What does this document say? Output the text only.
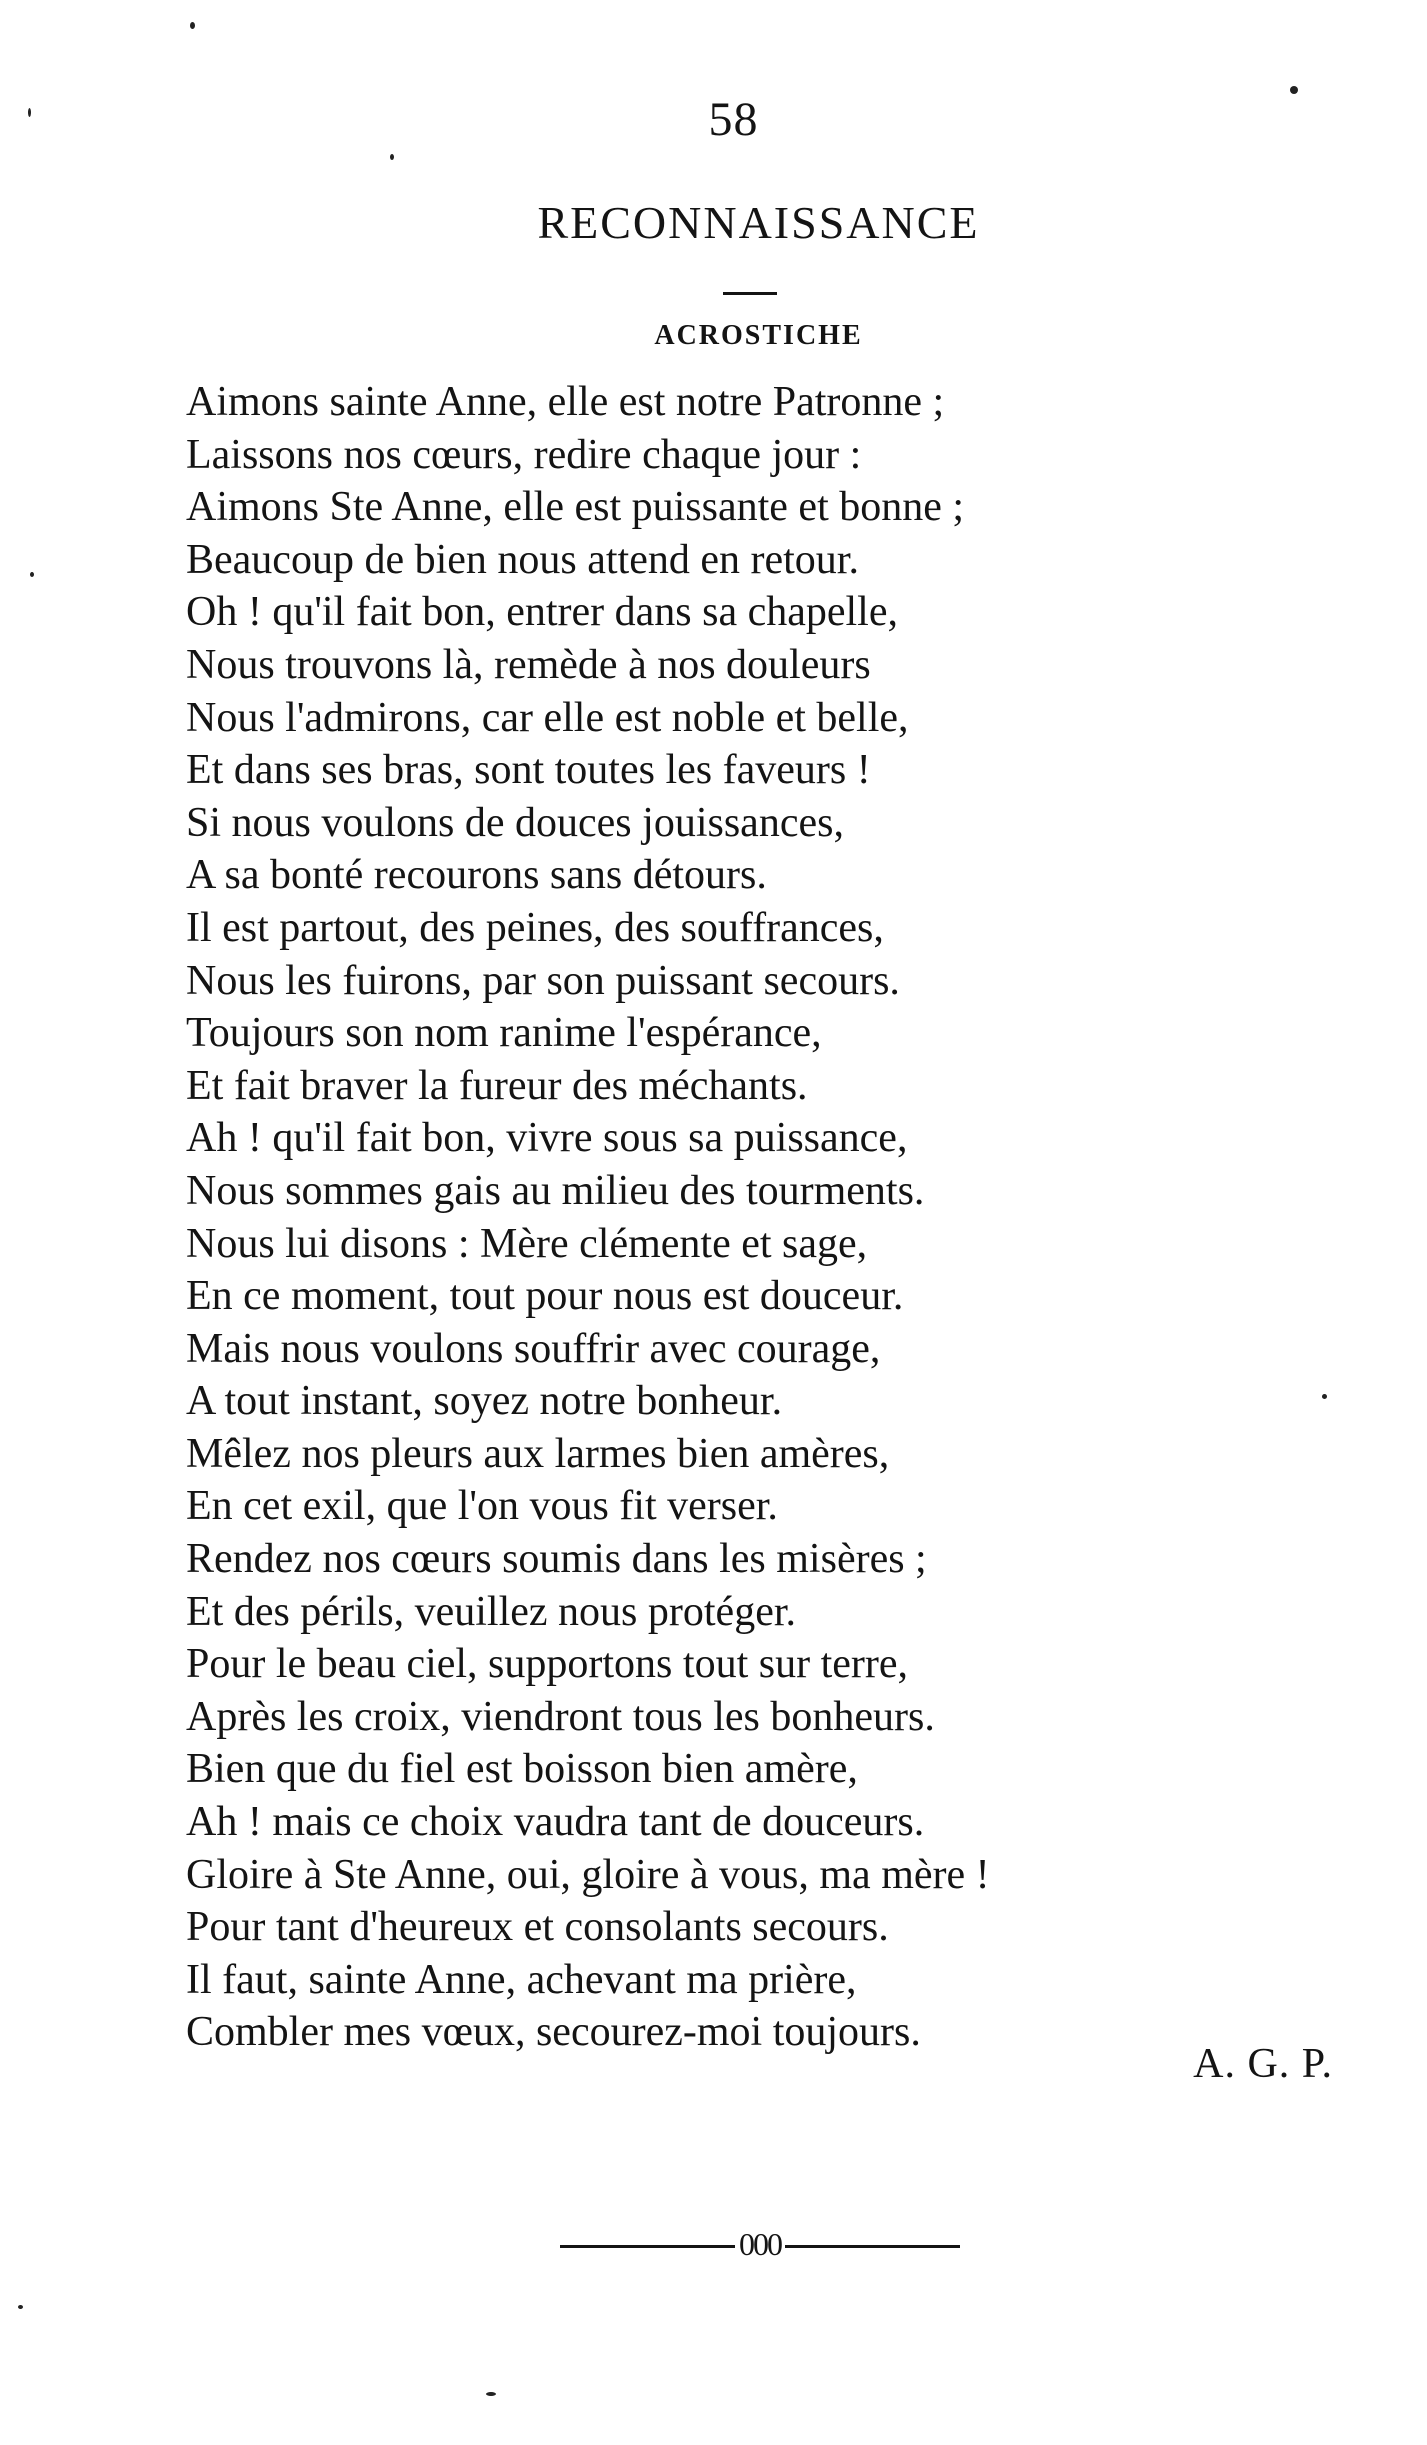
58
RECONNAISSANCE
ACROSTICHE
Aimons sainte Anne, elle est notre Patronne ;
Laissons nos cœurs, redire chaque jour :
Aimons Ste Anne, elle est puissante et bonne ;
Beaucoup de bien nous attend en retour.
Oh ! qu'il fait bon, entrer dans sa chapelle,
Nous trouvons là, remède à nos douleurs
Nous l'admirons, car elle est noble et belle,
Et dans ses bras, sont toutes les faveurs !
Si nous voulons de douces jouissances,
A sa bonté recourons sans détours.
Il est partout, des peines, des souffrances,
Nous les fuirons, par son puissant secours.
Toujours son nom ranime l'espérance,
Et fait braver la fureur des méchants.
Ah ! qu'il fait bon, vivre sous sa puissance,
Nous sommes gais au milieu des tourments.
Nous lui disons : Mère clémente et sage,
En ce moment, tout pour nous est douceur.
Mais nous voulons souffrir avec courage,
A tout instant, soyez notre bonheur.
Mêlez nos pleurs aux larmes bien amères,
En cet exil, que l'on vous fit verser.
Rendez nos cœurs soumis dans les misères ;
Et des périls, veuillez nous protéger.
Pour le beau ciel, supportons tout sur terre,
Après les croix, viendront tous les bonheurs.
Bien que du fiel est boisson bien amère,
Ah ! mais ce choix vaudra tant de douceurs.
Gloire à Ste Anne, oui, gloire à vous, ma mère !
Pour tant d'heureux et consolants secours.
Il faut, sainte Anne, achevant ma prière,
Combler mes vœux, secourez-moi toujours.
A. G. P.
000
